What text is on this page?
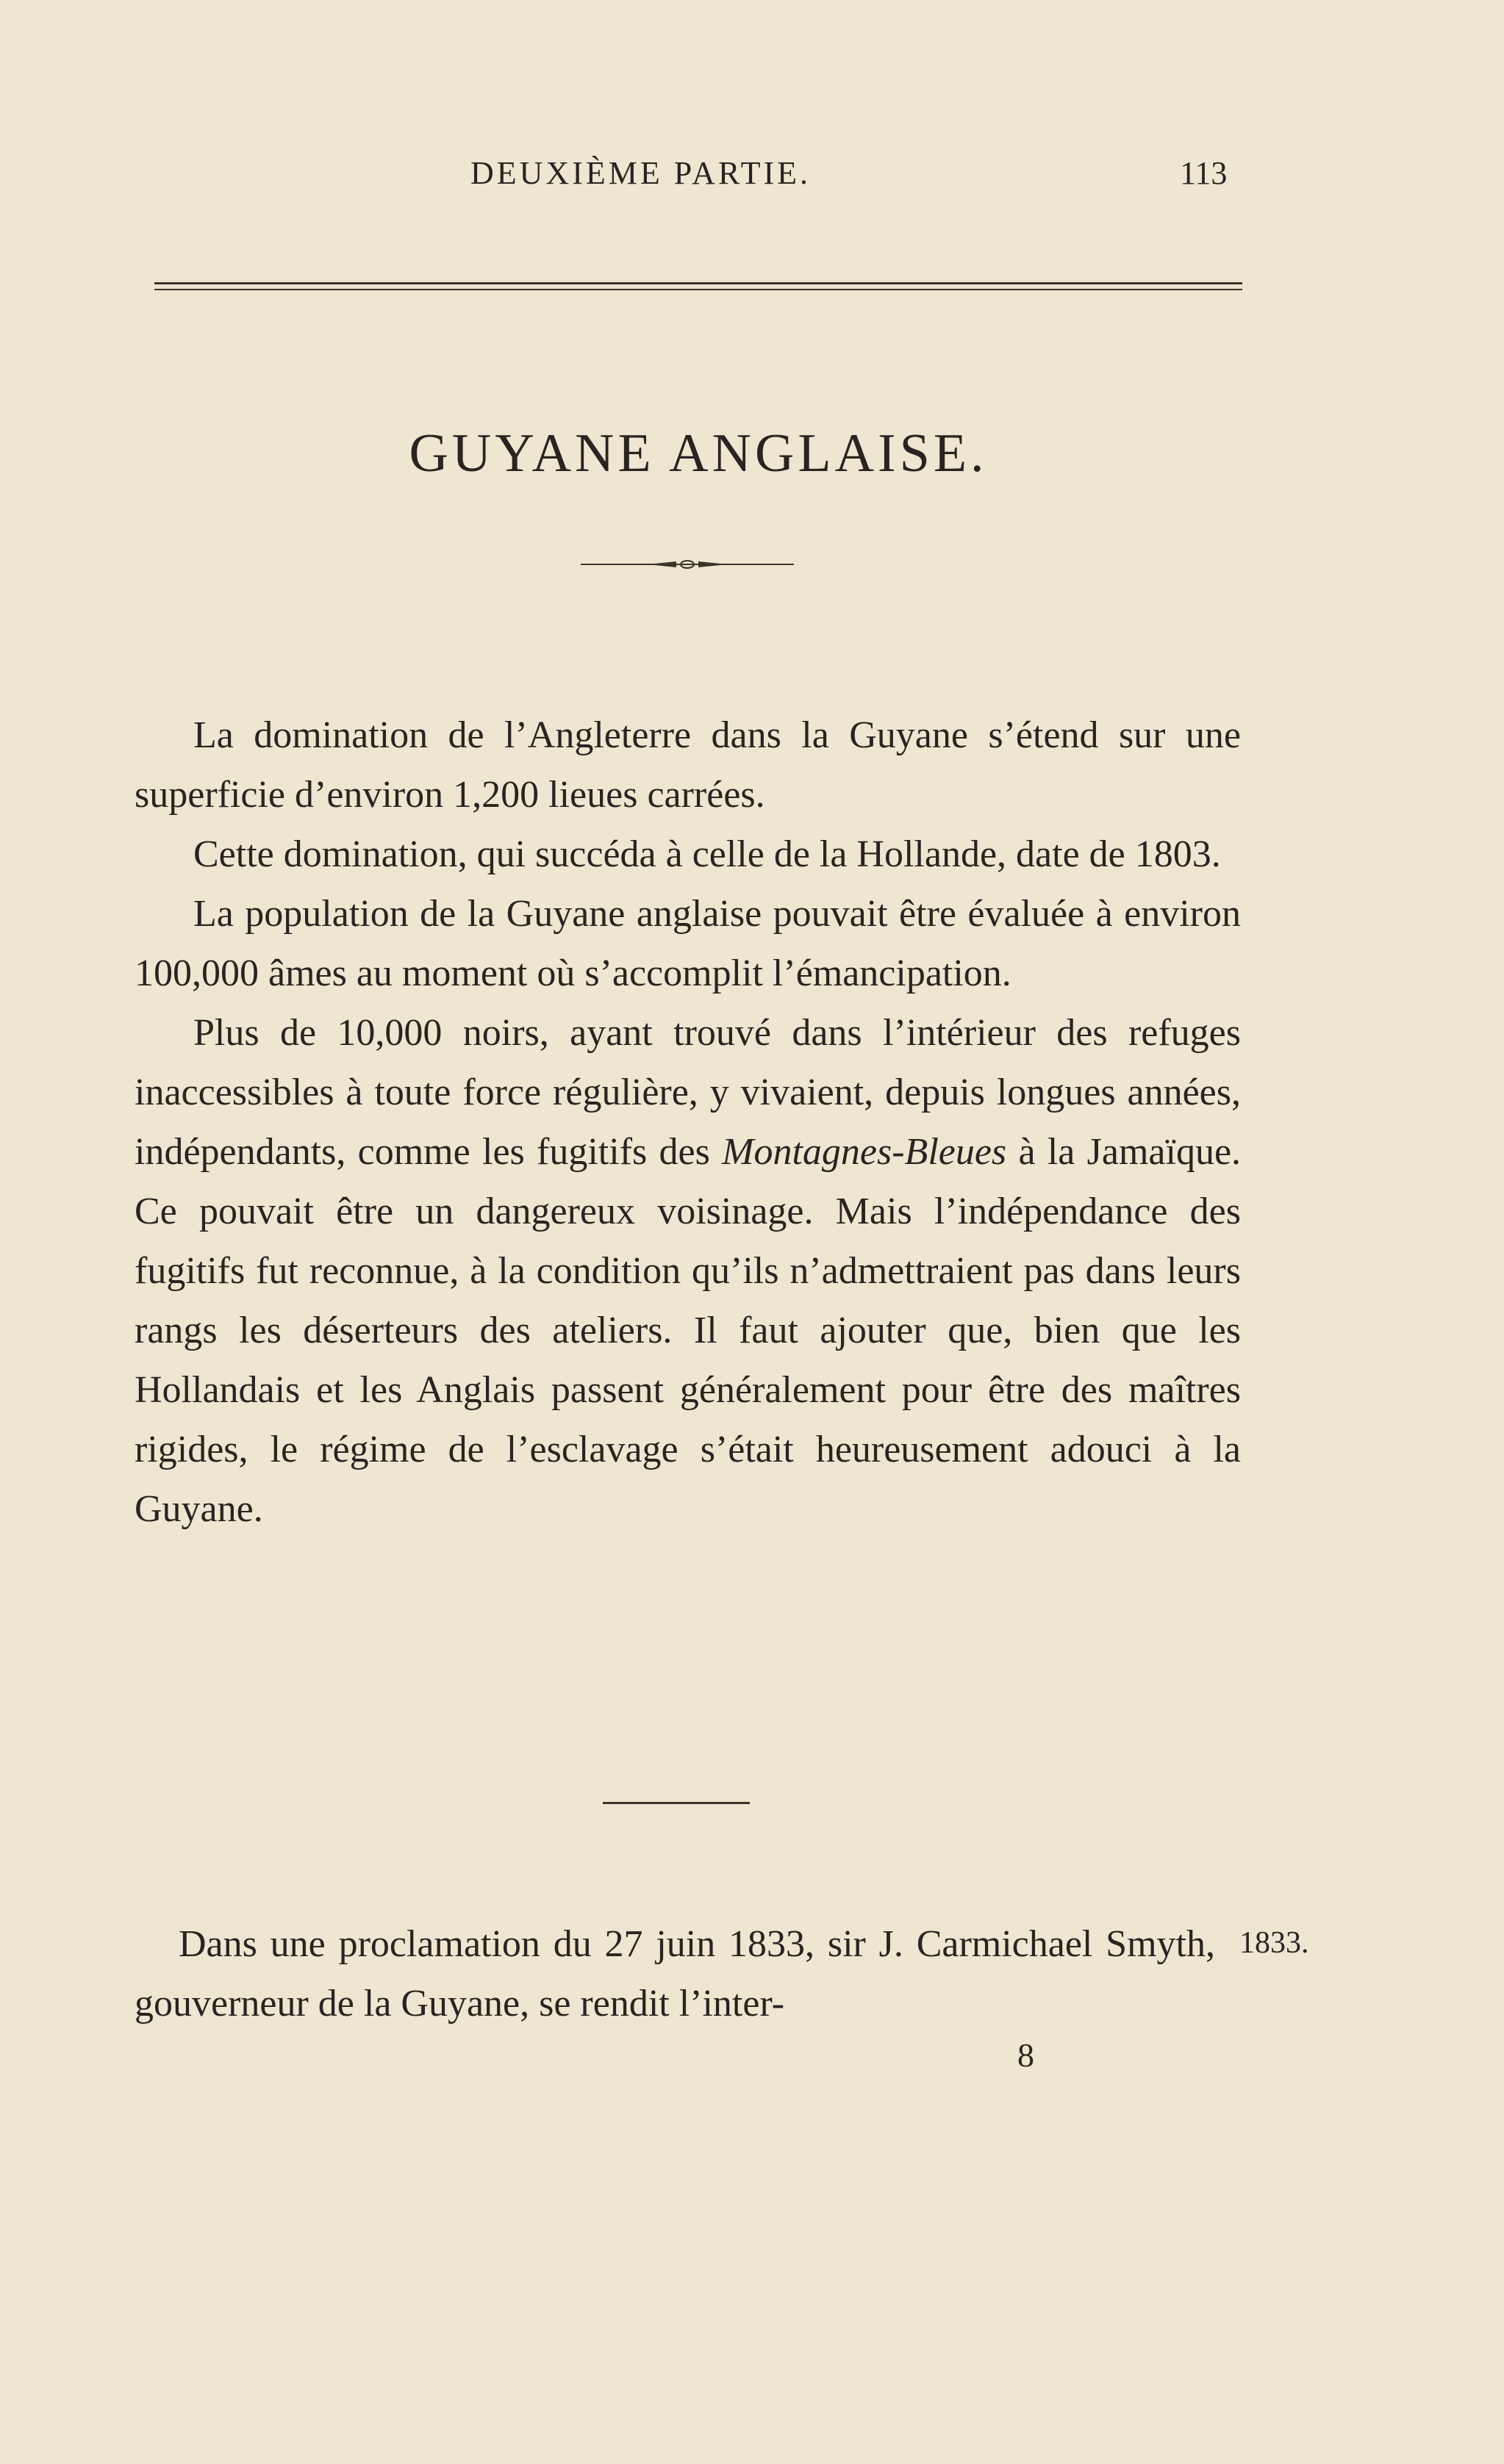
DEUXIÈME PARTIE.	113
GUYANE ANGLAISE.

La domination de l’Angleterre dans la Guyane s’étend sur une superficie d’environ 1,200 lieues carrées.

Cette domination, qui succéda à celle de la Hollande, date de 1803.

La population de la Guyane anglaise pouvait être évaluée à environ 100,000 âmes au moment où s’accomplit l’émancipation.

Plus de 10,000 noirs, ayant trouvé dans l’intérieur des refuges inaccessibles à toute force régulière, y vivaient, depuis longues années, indépendants, comme les fugitifs des Montagnes-Bleues à la Jamaïque. Ce pouvait être un dangereux voisinage. Mais l’indépendance des fugitifs fut reconnue, à la condition qu’ils n’admettraient pas dans leurs rangs les déserteurs des ateliers. Il faut ajouter que, bien que les Hollandais et les Anglais passent généralement pour être des maîtres rigides, le régime de l’esclavage s’était heureusement adouci à la Guyane.

Dans une proclamation du 27 juin 1833, sir J. Carmichael Smyth, gouverneur de la Guyane, se rendit l’inter-

1833.
8
